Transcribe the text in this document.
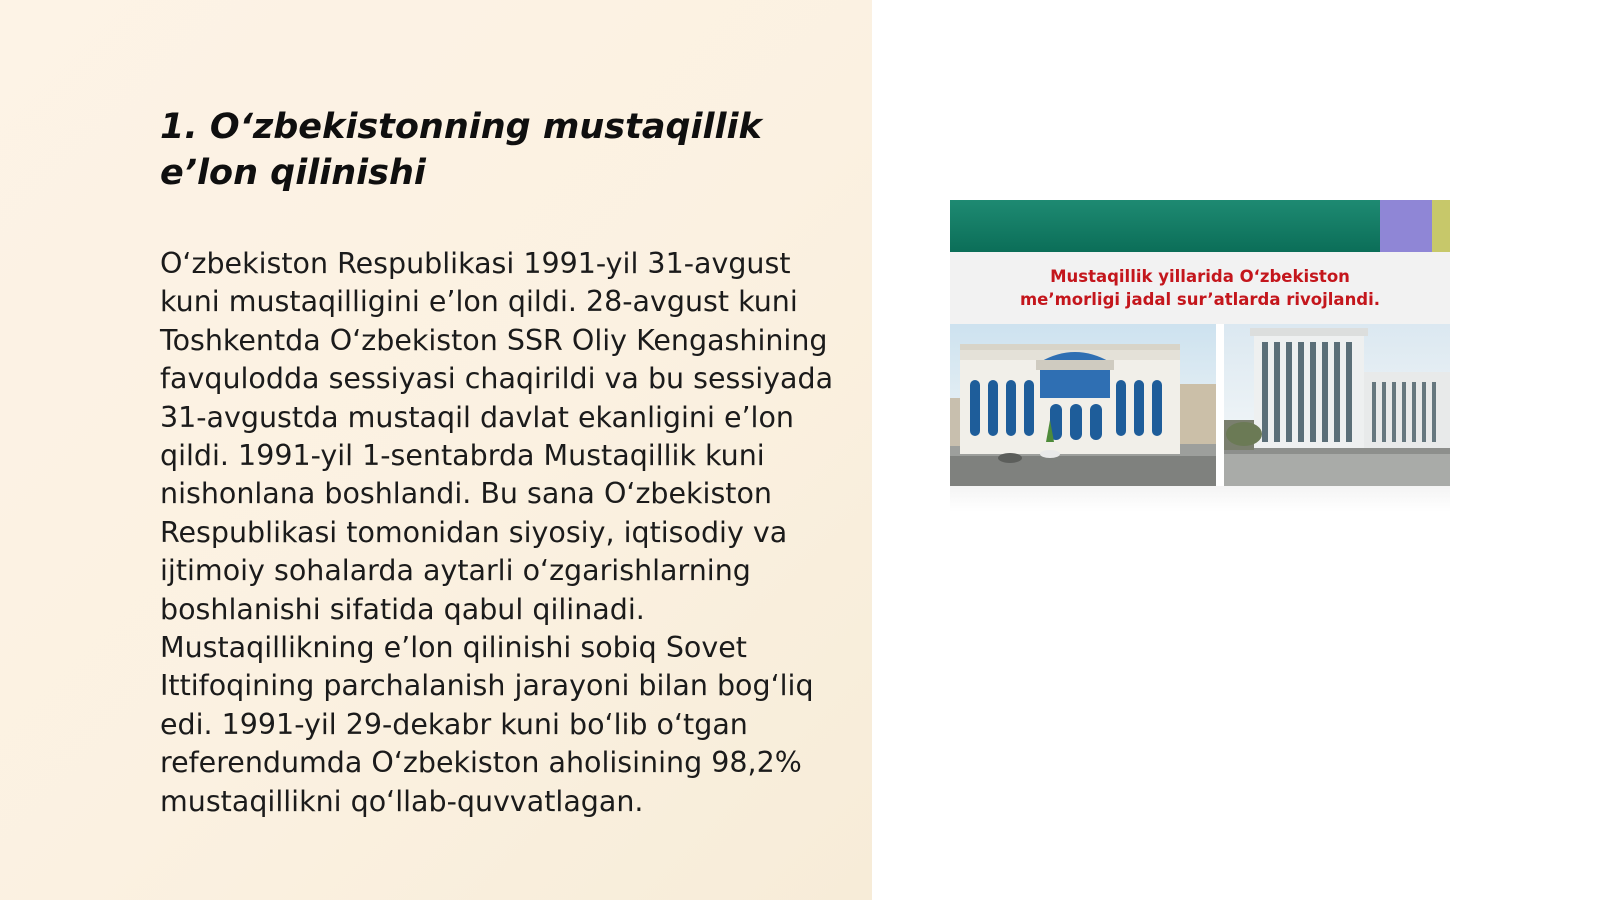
1. O‘zbekistonning mustaqillik e’lon qilinishi

O‘zbekiston Respublikasi 1991-yil 31-avgust kuni mustaqilligini e’lon qildi. 28-avgust kuni Toshkentda O‘zbekiston SSR Oliy Kengashining favqulodda sessiyasi chaqirildi va bu sessiyada 31-avgustda mustaqil davlat ekanligini e’lon qildi. 1991-yil 1-sentabrda Mustaqillik kuni nishonlana boshlandi. Bu sana O‘zbekiston Respublikasi tomonidan siyosiy, iqtisodiy va ijtimoiy sohalarda aytarli o‘zgarishlarning boshlanishi sifatida qabul qilinadi. Mustaqillikning e’lon qilinishi sobiq Sovet Ittifoqining parchalanish jarayoni bilan bog‘liq edi. 1991-yil 29-dekabr kuni bo‘lib o‘tgan referendumda O‘zbekiston aholisining 98,2% mustaqillikni qo‘llab-quvvatlagan.

Mustaqillik yillarida O‘zbekiston
me’morligi jadal sur’atlarda rivojlandi.
